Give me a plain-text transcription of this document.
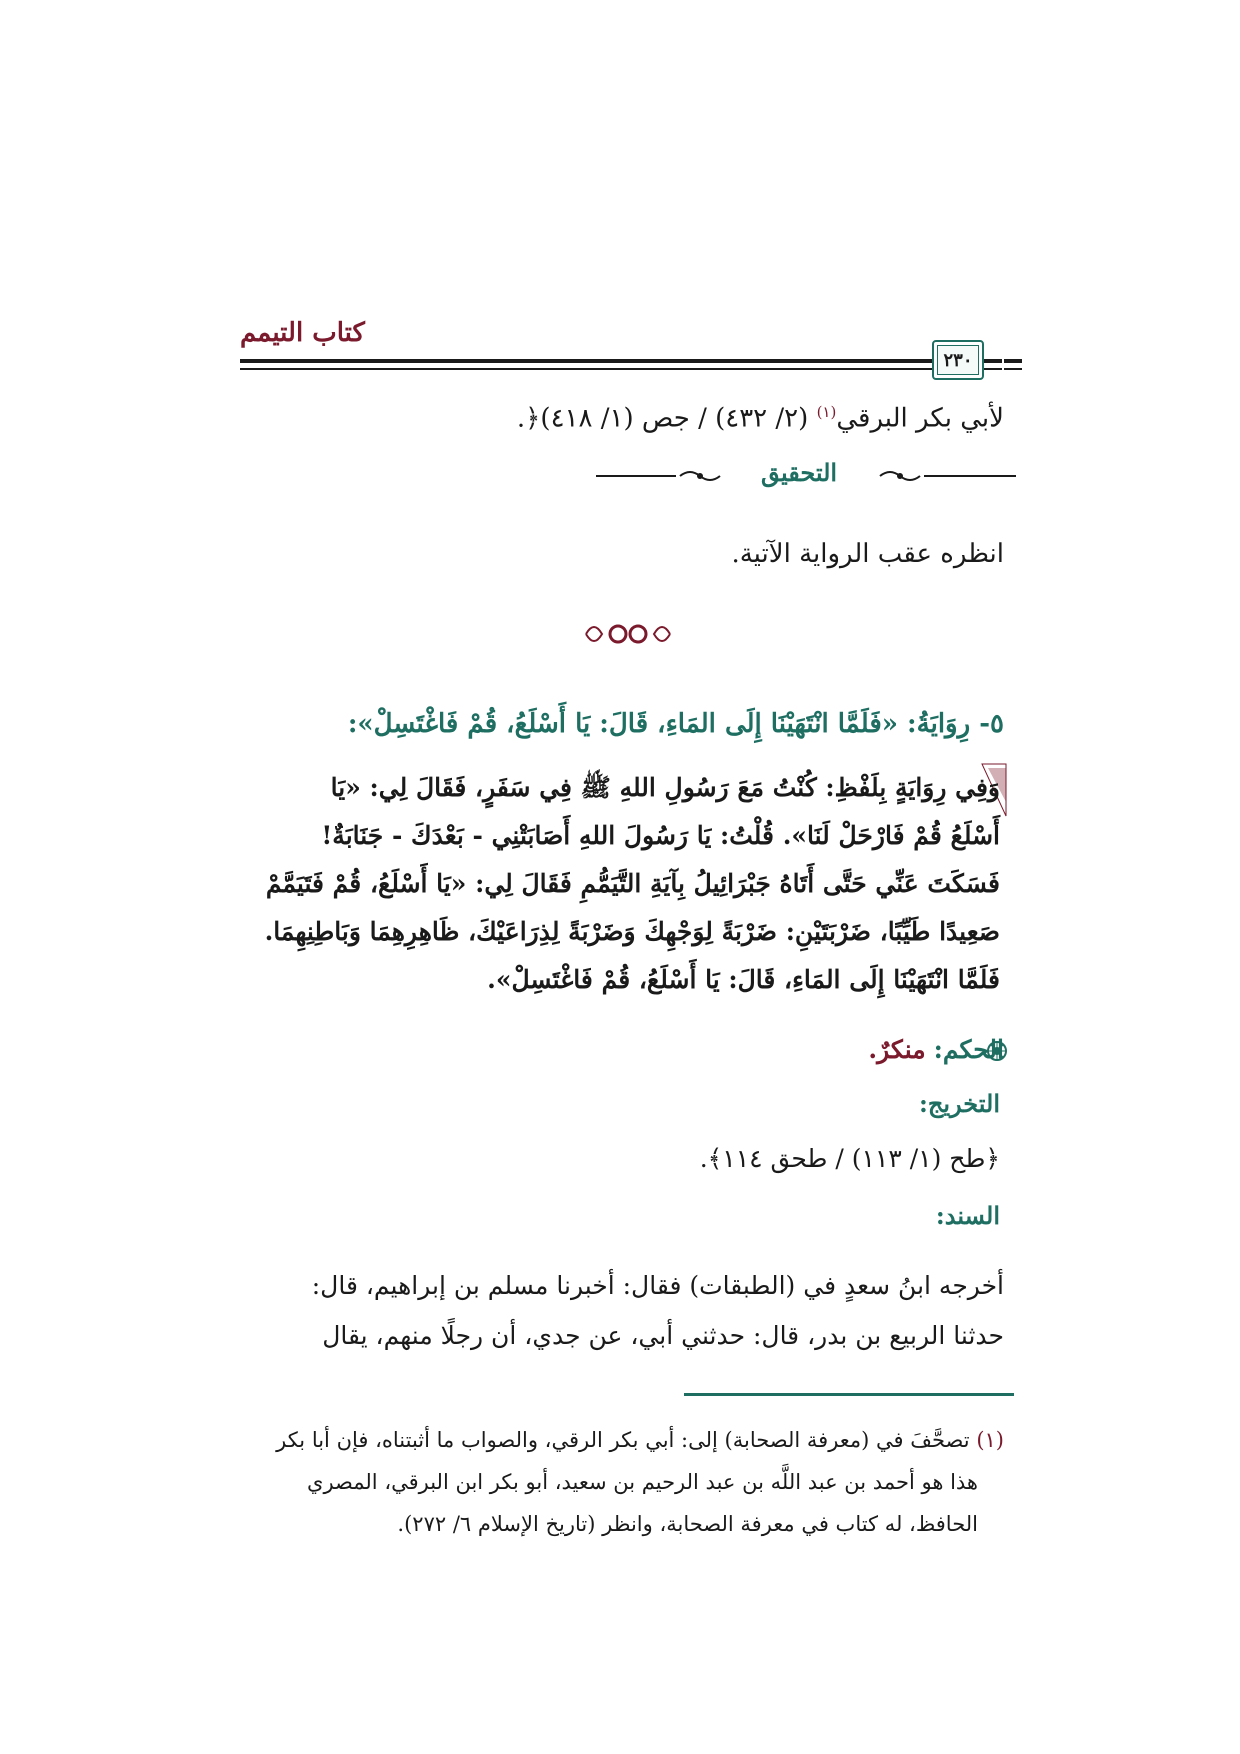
كتاب التيمم
٢٣٠
لأبي بكر البرقي$^{(١)}$ (٢/ ٤٣٢) / جص (١/ ٤١٨)﴿.
التحقيق
انظره عقب الرواية الآتية.
٥- رِوَايَةُ: «فَلَمَّا انْتَهَيْنَا إِلَى المَاءِ، قَالَ: يَا أَسْلَعُ، قُمْ فَاغْتَسِلْ»:
وَفِي رِوَايَةٍ بِلَفْظِ: كُنْتُ مَعَ رَسُولِ اللهِ ﷺ فِي سَفَرٍ، فَقَالَ لِي: «يَا
أَسْلَعُ قُمْ فَارْحَلْ لَنَا». قُلْتُ: يَا رَسُولَ اللهِ أَصَابَتْنِي - بَعْدَكَ - جَنَابَةٌ!
فَسَكَتَ عَنِّي حَتَّى أَتَاهُ جَبْرَائِيلُ بِآيَةِ التَّيَمُّمِ فَقَالَ لِي: «يَا أَسْلَعُ، قُمْ فَتَيَمَّمْ
صَعِيدًا طَيِّبًا، ضَرْبَتَيْنِ: ضَرْبَةً لِوَجْهِكَ وَضَرْبَةً لِذِرَاعَيْكَ، ظَاهِرِهِمَا وَبَاطِنِهِمَا.
فَلَمَّا انْتَهَيْنَا إِلَى المَاءِ، قَالَ: يَا أَسْلَعُ، قُمْ فَاغْتَسِلْ».
الحكم: منكرٌ.
التخريج:
﴿طح (١/ ١١٣) / طحق ١١٤﴾.
السند:
أخرجه ابنُ سعدٍ في (الطبقات) فقال: أخبرنا مسلم بن إبراهيم، قال:
حدثنا الربيع بن بدر، قال: حدثني أبي، عن جدي، أن رجلًا منهم، يقال
(١) تصحَّفَ في (معرفة الصحابة) إلى: أبي بكر الرقي، والصواب ما أثبتناه، فإن أبا بكر
هذا هو أحمد بن عبد اللَّه بن عبد الرحيم بن سعيد، أبو بكر ابن البرقي، المصري
الحافظ، له كتاب في معرفة الصحابة، وانظر (تاريخ الإسلام ٦/ ٢٧٢).
